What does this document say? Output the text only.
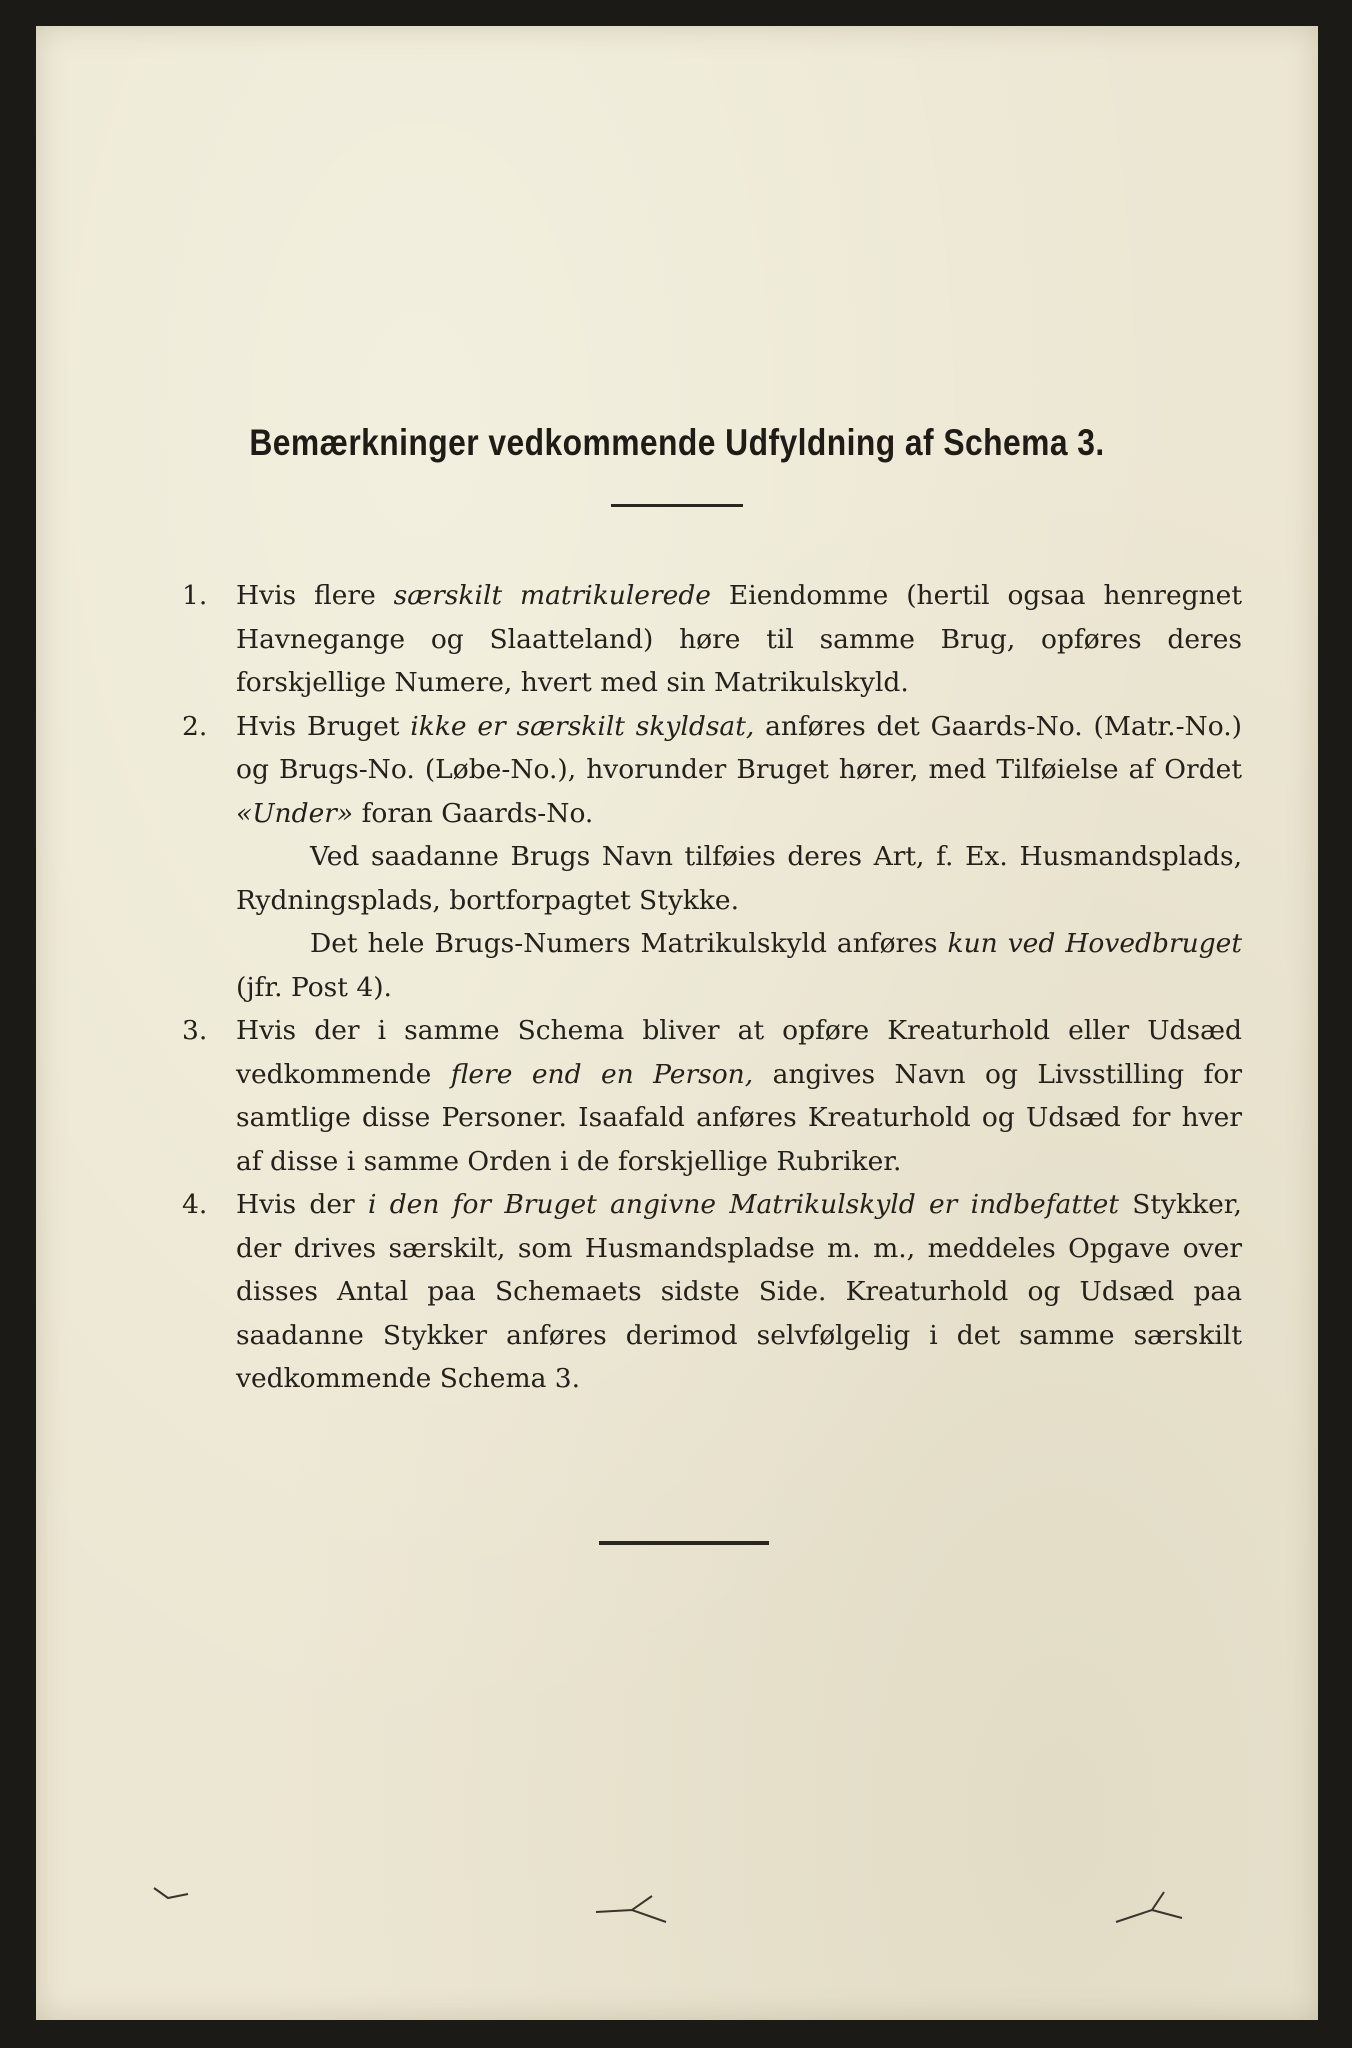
Bemærkninger vedkommende Udfyldning af Schema 3.
1. Hvis flere særskilt matrikulerede Eiendomme (hertil ogsaa henregnet Havnegange og Slaatteland) høre til samme Brug, opføres deres forskjellige Numere, hvert med sin Matrikulskyld.

2. Hvis Bruget ikke er særskilt skyldsat, anføres det Gaards-No. (Matr.-No.) og Brugs-No. (Løbe-No.), hvorunder Bruget hører, med Tilføielse af Ordet «Under» foran Gaards-No.

Ved saadanne Brugs Navn tilføies deres Art, f. Ex. Husmandsplads, Rydningsplads, bortforpagtet Stykke.

Det hele Brugs-Numers Matrikulskyld anføres kun ved Hovedbruget (jfr. Post 4).

3. Hvis der i samme Schema bliver at opføre Kreaturhold eller Udsæd vedkommende flere end en Person, angives Navn og Livsstilling for samtlige disse Personer. Isaafald anføres Kreaturhold og Udsæd for hver af disse i samme Orden i de forskjellige Rubriker.

4. Hvis der i den for Bruget angivne Matrikulskyld er indbefattet Stykker, der drives særskilt, som Husmandspladse m. m., meddeles Opgave over disses Antal paa Schemaets sidste Side. Kreaturhold og Udsæd paa saadanne Stykker anføres derimod selvfølgelig i det samme særskilt vedkommende Schema 3.
